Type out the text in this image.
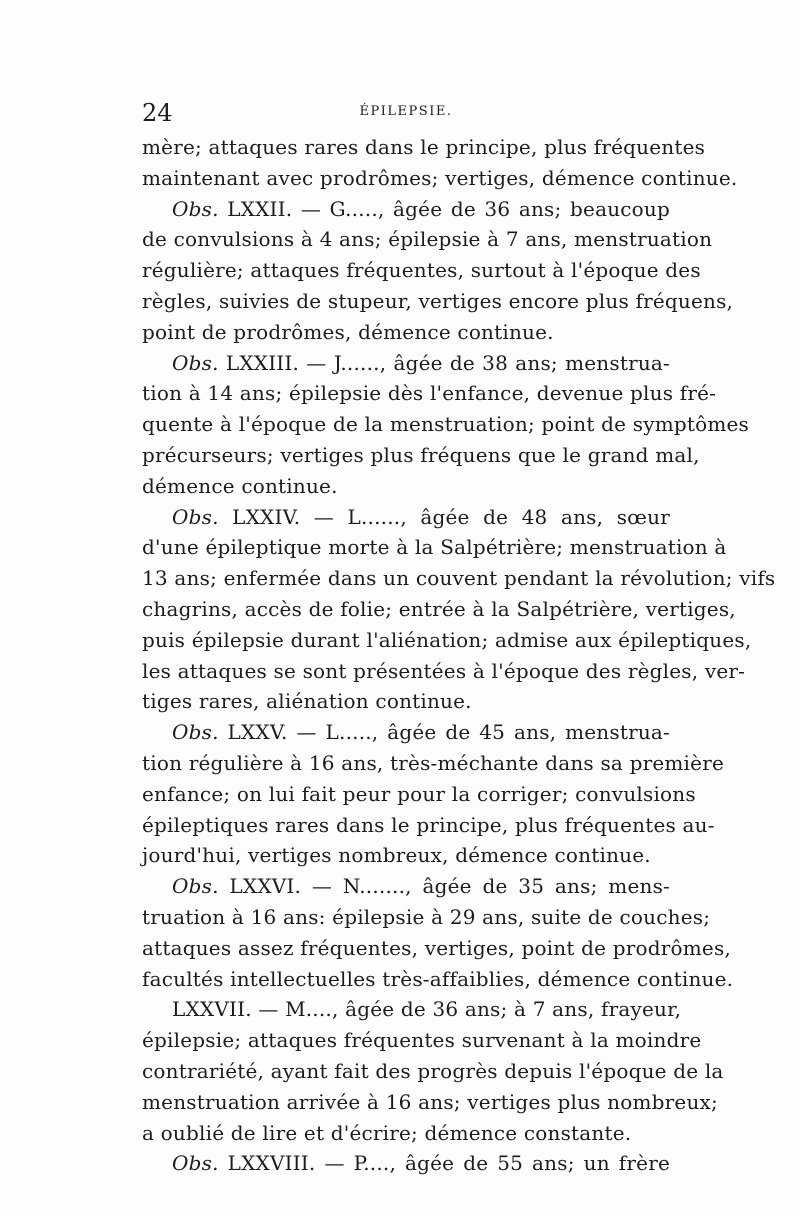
24	ÉPILEPSIE.
mère; attaques rares dans le principe, plus fréquentes
maintenant avec prodrômes; vertiges, démence continue.
Obs. LXXII. — G....., âgée de 36 ans; beaucoup
de convulsions à 4 ans; épilepsie à 7 ans, menstruation
régulière; attaques fréquentes, surtout à l'époque des
règles, suivies de stupeur, vertiges encore plus fréquens,
point de prodrômes, démence continue.
Obs. LXXIII. — J......, âgée de 38 ans; menstrua-
tion à 14 ans; épilepsie dès l'enfance, devenue plus fré-
quente à l'époque de la menstruation; point de symptômes
précurseurs; vertiges plus fréquens que le grand mal,
démence continue.
Obs. LXXIV. — L......, âgée de 48 ans, sœur
d'une épileptique morte à la Salpétrière; menstruation à
13 ans; enfermée dans un couvent pendant la révolution; vifs
chagrins, accès de folie; entrée à la Salpétrière, vertiges,
puis épilepsie durant l'aliénation; admise aux épileptiques,
les attaques se sont présentées à l'époque des règles, ver-
tiges rares, aliénation continue.
Obs. LXXV. — L....., âgée de 45 ans, menstrua-
tion régulière à 16 ans, très-méchante dans sa première
enfance; on lui fait peur pour la corriger; convulsions
épileptiques rares dans le principe, plus fréquentes au-
jourd'hui, vertiges nombreux, démence continue.
Obs. LXXVI. — N......., âgée de 35 ans; mens-
truation à 16 ans: épilepsie à 29 ans, suite de couches;
attaques assez fréquentes, vertiges, point de prodrômes,
facultés intellectuelles très-affaiblies, démence continue.
LXXVII. — M...., âgée de 36 ans; à 7 ans, frayeur,
épilepsie; attaques fréquentes survenant à la moindre
contrariété, ayant fait des progrès depuis l'époque de la
menstruation arrivée à 16 ans; vertiges plus nombreux;
a oublié de lire et d'écrire; démence constante.
Obs. LXXVIII. — P...., âgée de 55 ans; un frère
